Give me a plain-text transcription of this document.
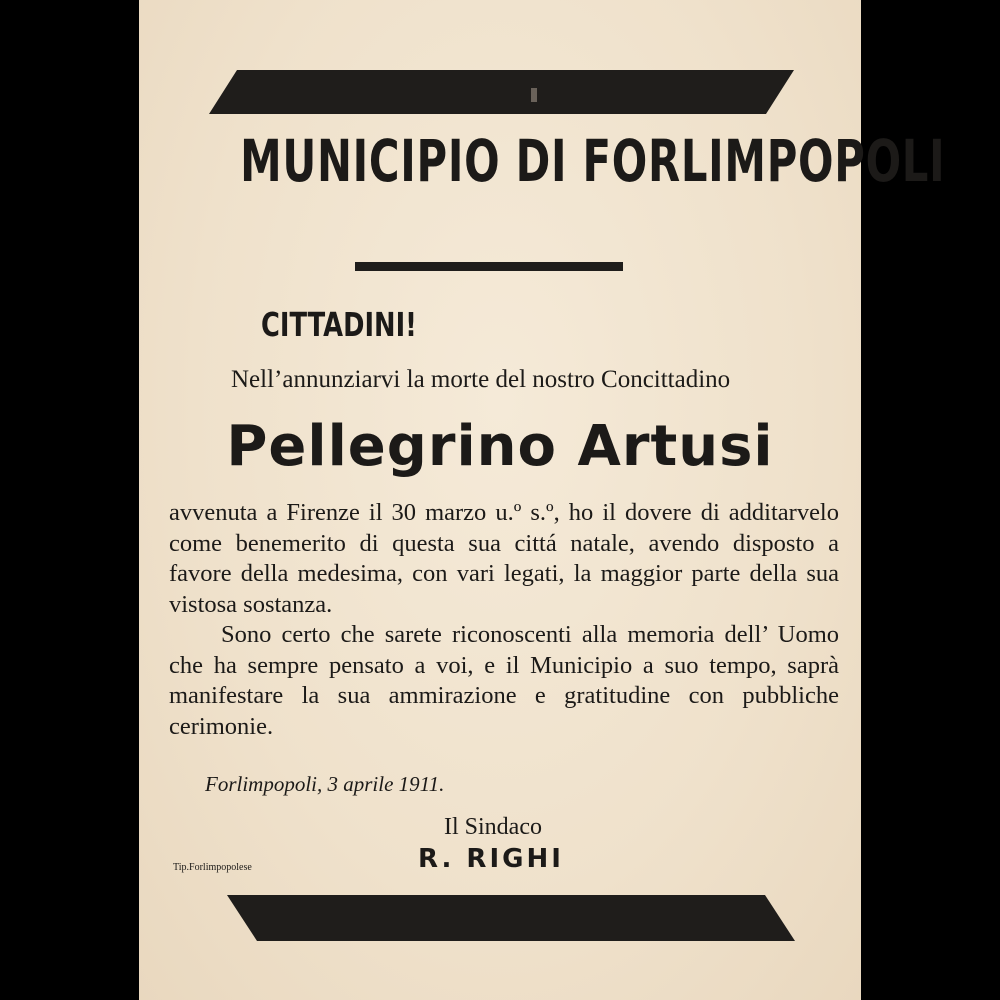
MUNICIPIO DI FORLIMPOPOLI
CITTADINI!
Nell’annunziarvi la morte del nostro Concittadino
Pellegrino Artusi

avvenuta a Firenze il 30 marzo u.º s.º, ho il dovere di additarvelo come benemerito di questa sua cittá natale, avendo disposto a favore della medesima, con vari legati, la maggior parte della sua vistosa sostanza.

Sono certo che sarete riconoscenti alla memoria dell’ Uomo che ha sempre pensato a voi, e il Municipio a suo tempo, saprà manifestare la sua ammirazione e gratitudine con pubbliche cerimonie.

Forlimpopoli, 3 aprile 1911.
Il Sindaco
R. RIGHI
Tip.Forlimpopolese
